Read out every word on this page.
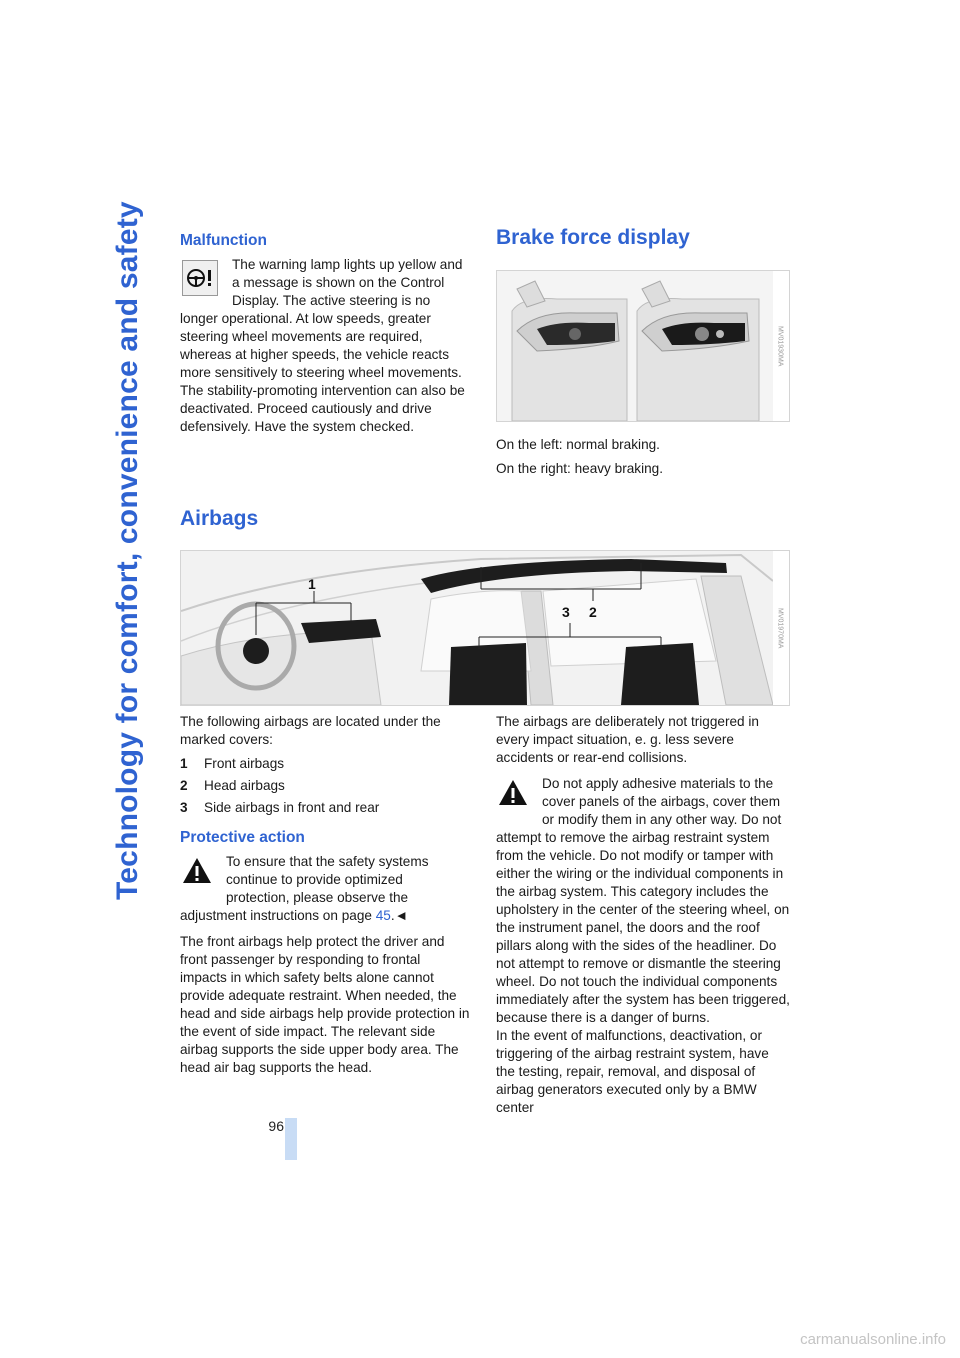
Technology for comfort, convenience and safety	Malfunction

The warning lamp lights up yellow and a message is shown on the Control Display. The active steering is no longer operational. At low speeds, greater steering wheel movements are required, whereas at higher speeds, the vehicle reacts more sensitively to steering wheel movements. The stability-promoting intervention can also be deactivated. Proceed cautiously and drive defensively. Have the system checked.

Brake force display
MV01930MA

On the left: normal braking.

On the right: heavy braking.

Airbags
1
2
3	MV01970MA

The following airbags are located under the marked covers:

1	Front airbags
2	Head airbags
3	Side airbags in front and rear
Protective action

To ensure that the safety systems continue to provide optimized protection, please observe the adjustment instructions on page 45.◄

The front airbags help protect the driver and front passenger by responding to frontal impacts in which safety belts alone cannot provide adequate restraint. When needed, the head and side airbags help provide protection in the event of side impact. The relevant side airbag supports the side upper body area. The head air bag supports the head.

The airbags are deliberately not triggered in every impact situation, e. g. less severe accidents or rear-end collisions.

Do not apply adhesive materials to the cover panels of the airbags, cover them or modify them in any other way. Do not attempt to remove the airbag restraint system from the vehicle. Do not modify or tamper with either the wiring or the individual components in the airbag system. This category includes the upholstery in the center of the steering wheel, on the instrument panel, the doors and the roof pillars along with the sides of the headliner. Do not attempt to remove or dismantle the steering wheel. Do not touch the individual components immediately after the system has been triggered, because there is a danger of burns.

In the event of malfunctions, deactivation, or triggering of the airbag restraint system, have the testing, repair, removal, and disposal of airbag generators executed only by a BMW center

96
carmanualsonline.info
